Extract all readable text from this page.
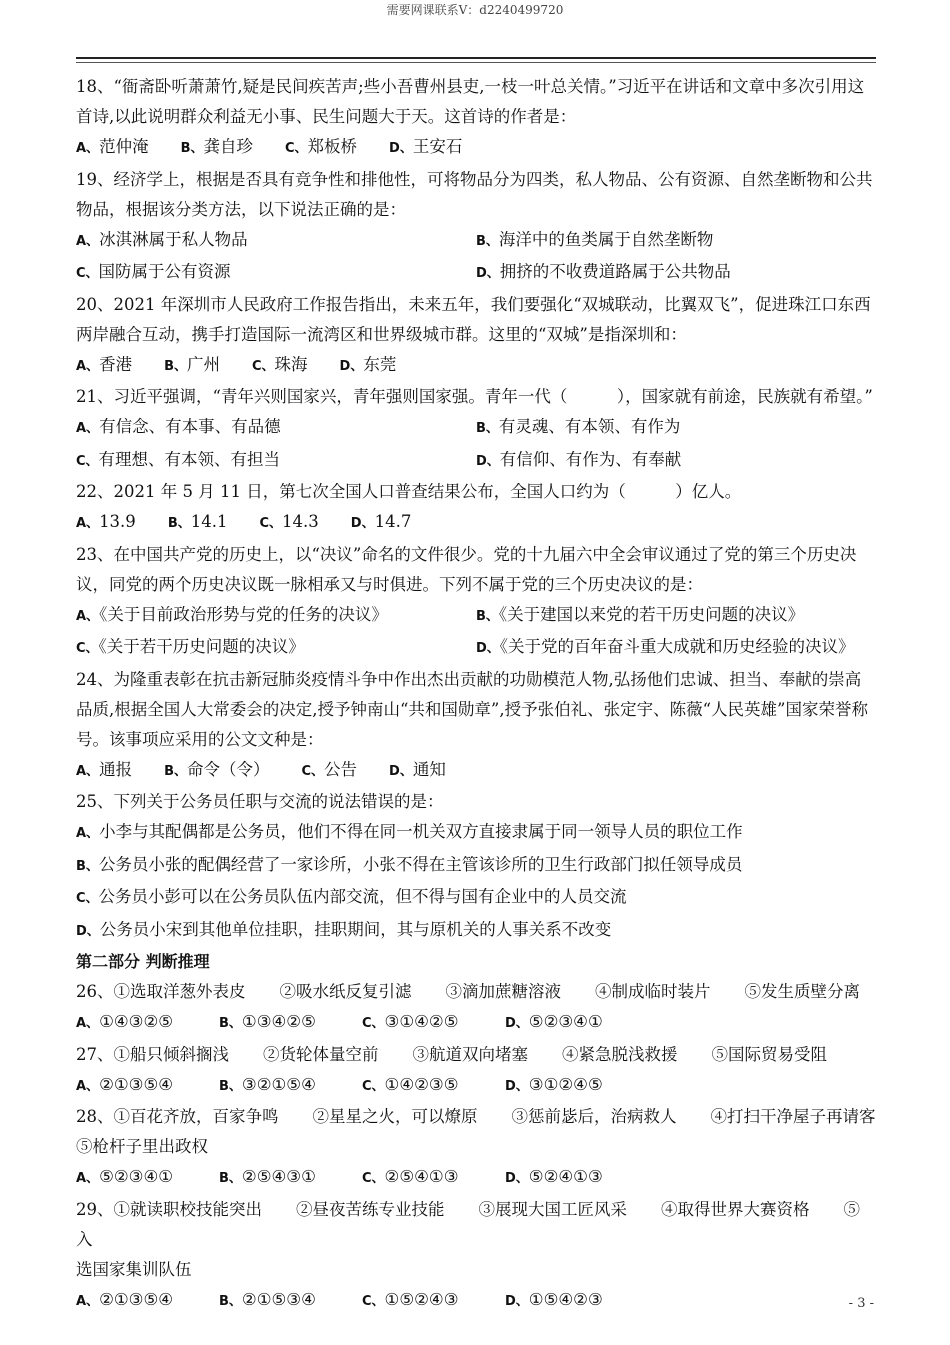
需要网课联系V：d2240499720

18、“衙斋卧听萧萧竹,疑是民间疾苦声;些小吾曹州县吏,一枝一叶总关情。”习近平在讲话和文章中多次引用这首诗,以此说明群众利益无小事、民生问题大于天。这首诗的作者是：

A、范仲淹 B、龚自珍 C、郑板桥 D、王安石

19、经济学上，根据是否具有竞争性和排他性，可将物品分为四类，私人物品、公有资源、自然垄断物和公共物品，根据该分类方法，以下说法正确的是：

A、冰淇淋属于私人物品	B、海洋中的鱼类属于自然垄断物
C、国防属于公有资源	D、拥挤的不收费道路属于公共物品

20、2021 年深圳市人民政府工作报告指出，未来五年，我们要强化“双城联动，比翼双飞”，促进珠江口东西两岸融合互动，携手打造国际一流湾区和世界级城市群。这里的“双城”是指深圳和：

A、香港 B、广州 C、珠海 D、东莞

21、习近平强调，“青年兴则国家兴，青年强则国家强。青年一代（　　　），国家就有前途，民族就有希望。”

A、有信念、有本事、有品德	B、有灵魂、有本领、有作为
C、有理想、有本领、有担当	D、有信仰、有作为、有奉献

22、2021 年 5 月 11 日，第七次全国人口普查结果公布，全国人口约为（　　　）亿人。

A、13.9 B、14.1 C、14.3 D、14.7

23、在中国共产党的历史上，以“决议”命名的文件很少。党的十九届六中全会审议通过了党的第三个历史决议，同党的两个历史决议既一脉相承又与时俱进。下列不属于党的三个历史决议的是：

A、《关于目前政治形势与党的任务的决议》	B、《关于建国以来党的若干历史问题的决议》
C、《关于若干历史问题的决议》	D、《关于党的百年奋斗重大成就和历史经验的决议》

24、为隆重表彰在抗击新冠肺炎疫情斗争中作出杰出贡献的功勋模范人物,弘扬他们忠诚、担当、奉献的崇高品质,根据全国人大常委会的决定,授予钟南山“共和国勋章”,授予张伯礼、张定宇、陈薇“人民英雄”国家荣誉称号。该事项应采用的公文文种是：

A、通报 B、命令（令） C、公告 D、通知

25、下列关于公务员任职与交流的说法错误的是：

A、小李与其配偶都是公务员，他们不得在同一机关双方直接隶属于同一领导人员的职位工作
B、公务员小张的配偶经营了一家诊所，小张不得在主管该诊所的卫生行政部门拟任领导成员
C、公务员小彭可以在公务员队伍内部交流，但不得与国有企业中的人员交流
D、公务员小宋到其他单位挂职，挂职期间，其与原机关的人事关系不改变
第二部分 判断推理
26、①选取洋葱外表皮 ②吸水纸反复引滤 ③滴加蔗糖溶液 ④制成临时装片 ⑤发生质壁分离
A、①④③②⑤	B、①③④②⑤	C、③①④②⑤	D、⑤②③④①
27、①船只倾斜搁浅 ②货轮体量空前 ③航道双向堵塞 ④紧急脱浅救援 ⑤国际贸易受阻
A、②①③⑤④	B、③②①⑤④	C、①④②③⑤	D、③①②④⑤
28、①百花齐放，百家争鸣 ②星星之火，可以燎原 ③惩前毖后，治病救人 ④打扫干净屋子再请客
⑤枪杆子里出政权
A、⑤②③④①	B、②⑤④③①	C、②⑤④①③	D、⑤②④①③
29、①就读职校技能突出 ②昼夜苦练专业技能 ③展现大国工匠风采 ④取得世界大赛资格 ⑤入
选国家集训队伍
A、②①③⑤④	B、②①⑤③④	C、①⑤②④③	D、①⑤④②③	- 3 -
